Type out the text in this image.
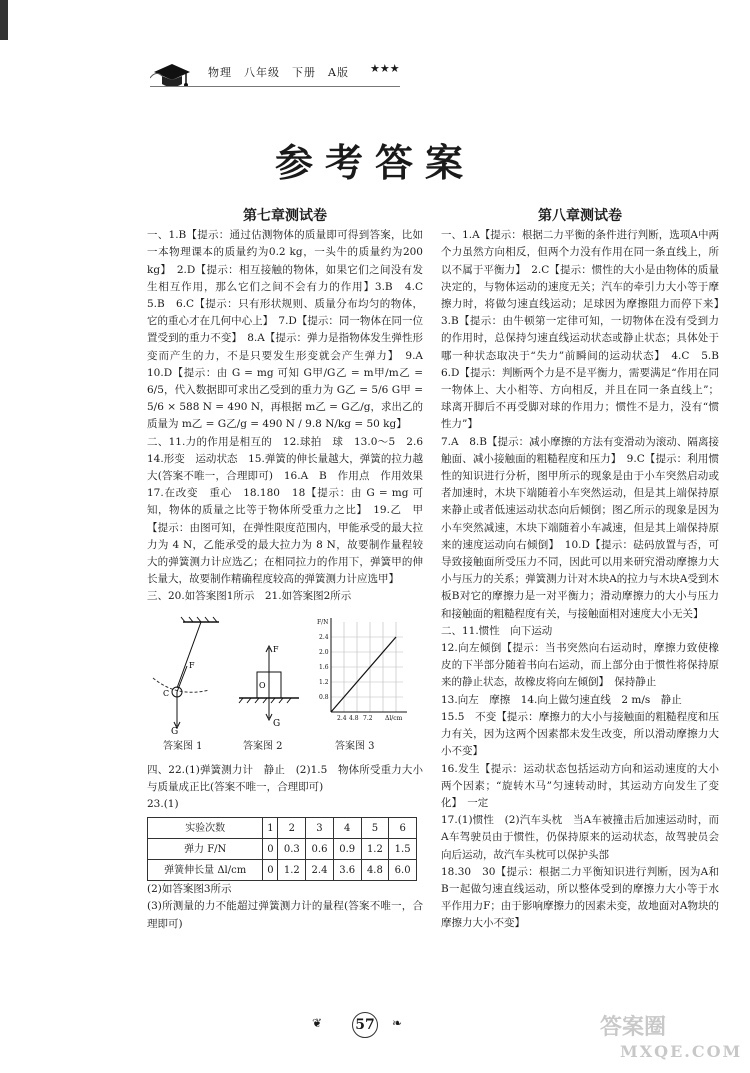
物理　八年级　下册　A版 ★★★
参考答案
第七章测试卷

一、1.B【提示：通过估测物体的质量即可得到答案，比如一本物理课本的质量约为0.2 kg，一头牛的质量约为200 kg】　2.D【提示：相互接触的物体，如果它们之间没有发生相互作用，那么它们之间不会有力的作用】3.B　4.C　5.B　6.C【提示：只有形状规则、质量分布均匀的物体，它的重心才在几何中心上】　7.D【提示：同一物体在同一位置受到的重力不变】　8.A【提示：弹力是指物体发生弹性形变而产生的力，不是只要发生形变就会产生弹力】　9.A　10.D【提示：由 G = mg 可知 G甲/G乙 = m甲/m乙 = 6/5，代入数据即可求出乙受到的重力为 G乙 = 5/6 G甲 = 5/6 × 588 N = 490 N，再根据 m乙 = G乙/g，求出乙的质量为 m乙 = G乙/g = 490 N / 9.8 N/kg = 50 kg】

二、11.力的作用是相互的　12.球拍　球　13.0～5　2.6　14.形变　运动状态　15.弹簧的伸长量越大，弹簧的拉力越大(答案不唯一，合理即可)　16.A　B　作用点　作用效果　17.在改变　重心　18.180　18【提示：由 G = mg 可知，物体的质量之比等于物体所受重力之比】　19.乙　甲【提示：由图可知，在弹性限度范围内，甲能承受的最大拉力为 4 N，乙能承受的最大拉力为 8 N，故要制作量程较大的弹簧测力计应选乙；在相同拉力的作用下，弹簧甲的伸长量大，故要制作精确程度较高的弹簧测力计应选甲】

三、20.如答案图1所示　21.如答案图2所示

G
C
F
F
G
O
F/N
2.4
2.0
1.6
1.2
0.8
2.4 4.8 7.2 Δl/cm
答案图 1	答案图 2	答案图 3

四、22.(1)弹簧测力计　静止　(2)1.5　物体所受重力大小与质量成正比(答案不唯一，合理即可)

23.(1)

实验次数	1	2	3	4	5	6
弹力 F/N	0	0.3	0.6	0.9	1.2	1.5
弹簧伸长量 Δl/cm	0	1.2	2.4	3.6	4.8	6.0

(2)如答案图3所示

(3)所测量的力不能超过弹簧测力计的量程(答案不唯一，合理即可)

第八章测试卷

一、1.A【提示：根据二力平衡的条件进行判断，选项A中两个力虽然方向相反，但两个力没有作用在同一条直线上，所以不属于平衡力】　2.C【提示：惯性的大小是由物体的质量决定的，与物体运动的速度无关；汽车的牵引力大小等于摩擦力时，将做匀速直线运动；足球因为摩擦阻力而停下来】　3.B【提示：由牛顿第一定律可知，一切物体在没有受到力的作用时，总保持匀速直线运动状态或静止状态；具体处于哪一种状态取决于“失力”前瞬间的运动状态】　4.C　5.B　6.D【提示：判断两个力是不是平衡力，需要满足“作用在同一物体上、大小相等、方向相反，并且在同一条直线上”；球离开脚后不再受脚对球的作用力；惯性不是力，没有“惯性力”】

7.A　8.B【提示：减小摩擦的方法有变滑动为滚动、隔离接触面、减小接触面的粗糙程度和压力】　9.C【提示：利用惯性的知识进行分析，图甲所示的现象是由于小车突然启动或者加速时，木块下端随着小车突然运动，但是其上端保持原来静止或者低速运动状态向后倾倒；图乙所示的现象是因为小车突然减速，木块下端随着小车减速，但是其上端保持原来的速度运动向右倾倒】　10.D【提示：砝码放置与否，可导致接触面所受压力不同，因此可以用来研究滑动摩擦力大小与压力的关系；弹簧测力计对木块A的拉力与木块A受到木板B对它的摩擦力是一对平衡力；滑动摩擦力的大小与压力和接触面的粗糙程度有关，与接触面相对速度大小无关】

二、11.惯性　向下运动

12.向左倾倒【提示：当书突然向右运动时，摩擦力致使橡皮的下半部分随着书向右运动，而上部分由于惯性将保持原来的静止状态，故橡皮将向左倾倒】　保持静止

13.向左　摩擦　14.向上做匀速直线　2 m/s　静止

15.5　不变【提示：摩擦力的大小与接触面的粗糙程度和压力有关，因为这两个因素都未发生改变，所以滑动摩擦力大小不变】

16.发生【提示：运动状态包括运动方向和运动速度的大小两个因素；“旋转木马”匀速转动时，其运动方向发生了变化】　一定

17.(1)惯性　(2)汽车头枕　当A车被撞击后加速运动时，而A车驾驶员由于惯性，仍保持原来的运动状态，故驾驶员会向后运动，故汽车头枕可以保护头部

18.30　30【提示：根据二力平衡知识进行判断，因为A和B一起做匀速直线运动，所以整体受到的摩擦力大小等于水平作用力F；由于影响摩擦力的因素未变，故地面对A物块的摩擦力大小不变】

❦ 57 ❧	答案圈
MXQE.COM
